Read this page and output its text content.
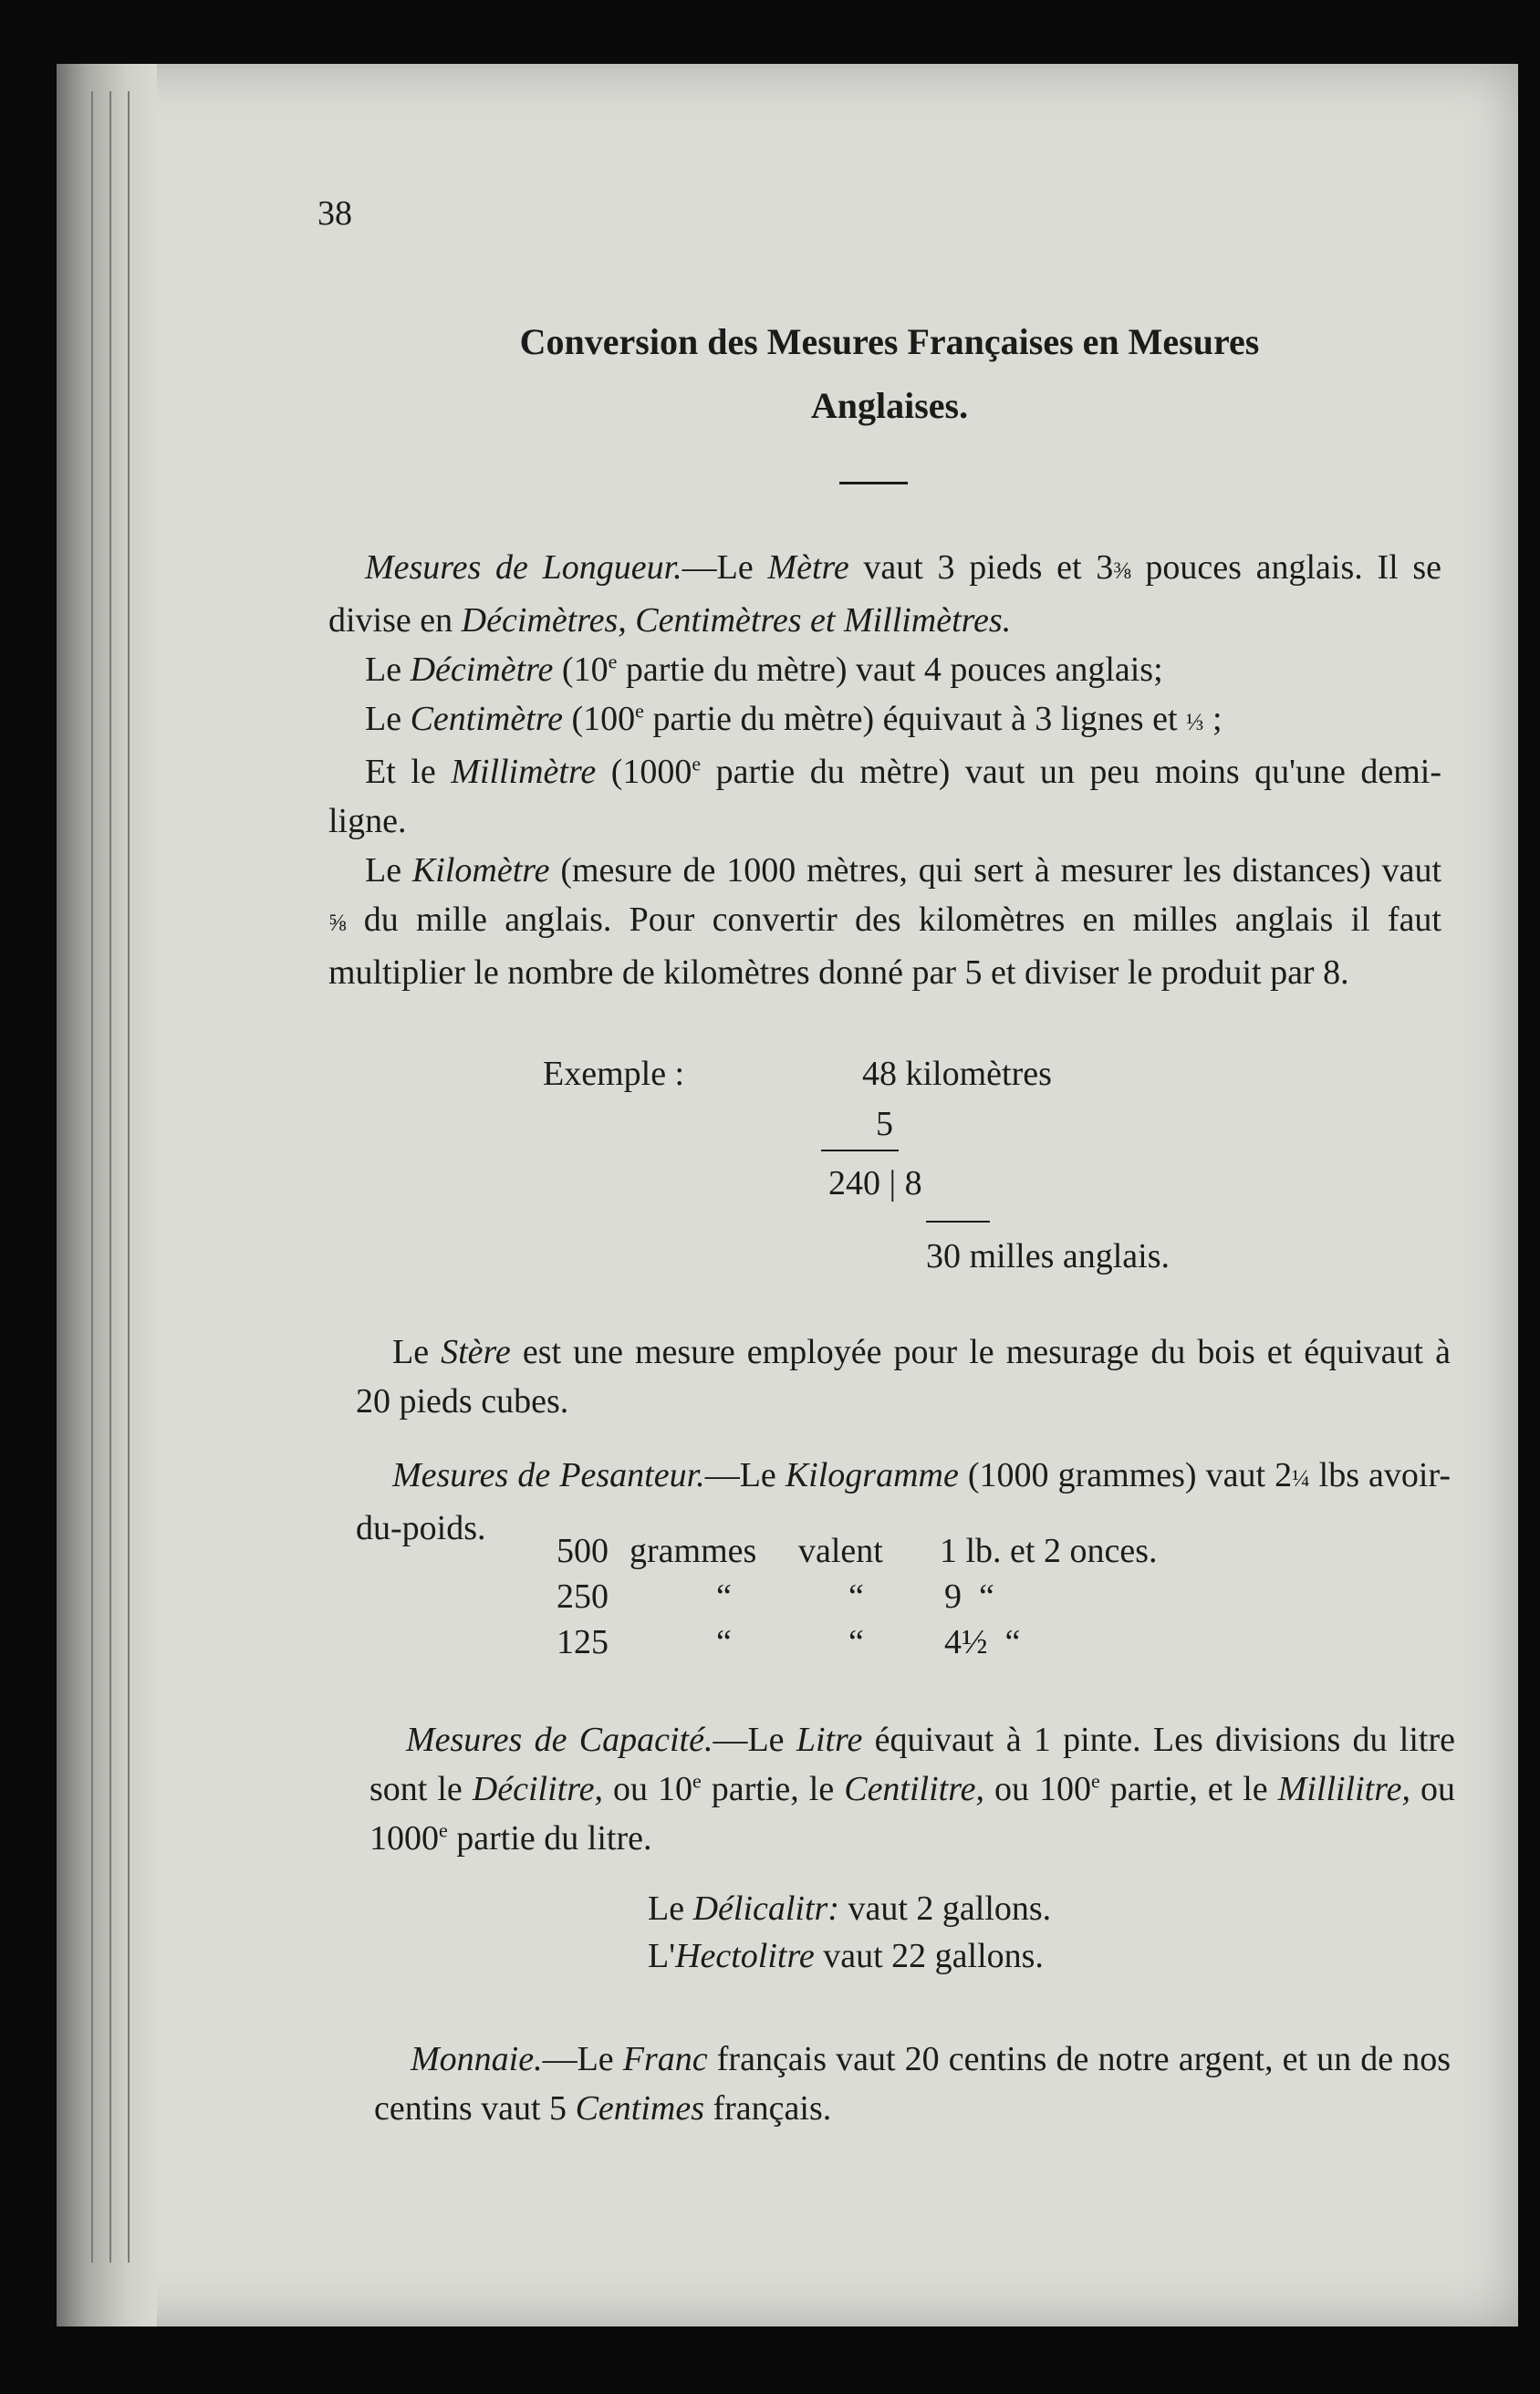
38
Conversion des Mesures Françaises en Mesures
Anglaises.

Mesures de Longueur.—Le Mètre vaut 3 pieds et 3⅜ pouces anglais. Il se divise en Décimètres, Centimètres et Millimètres.

Le Décimètre (10e partie du mètre) vaut 4 pouces anglais;

Le Centimètre (100e partie du mètre) équivaut à 3 lignes et ⅓ ;

Et le Millimètre (1000e partie du mètre) vaut un peu moins qu'une demi-ligne.

Le Kilomètre (mesure de 1000 mètres, qui sert à mesurer les distances) vaut ⅝ du mille anglais. Pour convertir des kilomètres en milles anglais il faut multiplier le nombre de kilomètres donné par 5 et diviser le produit par 8.

Exemple :	48 kilomètres
5
240 | 8
30 milles anglais.

Le Stère est une mesure employée pour le mesurage du bois et équivaut à 20 pieds cubes.

Mesures de Pesanteur.—Le Kilogramme (1000 grammes) vaut 2¼ lbs avoir-du-poids.

500	grammes	valent	1 lb. et 2 onces.
250	“	“	9  “
125	“	“	4½  “

Mesures de Capacité.—Le Litre équivaut à 1 pinte. Les divisions du litre sont le Décilitre, ou 10e partie, le Centilitre, ou 100e partie, et le Millilitre, ou 1000e partie du litre.

Le Délicalitr: vaut 2 gallons.
L'Hectolitre vaut 22 gallons.

Monnaie.—Le Franc français vaut 20 centins de notre argent, et un de nos centins vaut 5 Centimes français.
